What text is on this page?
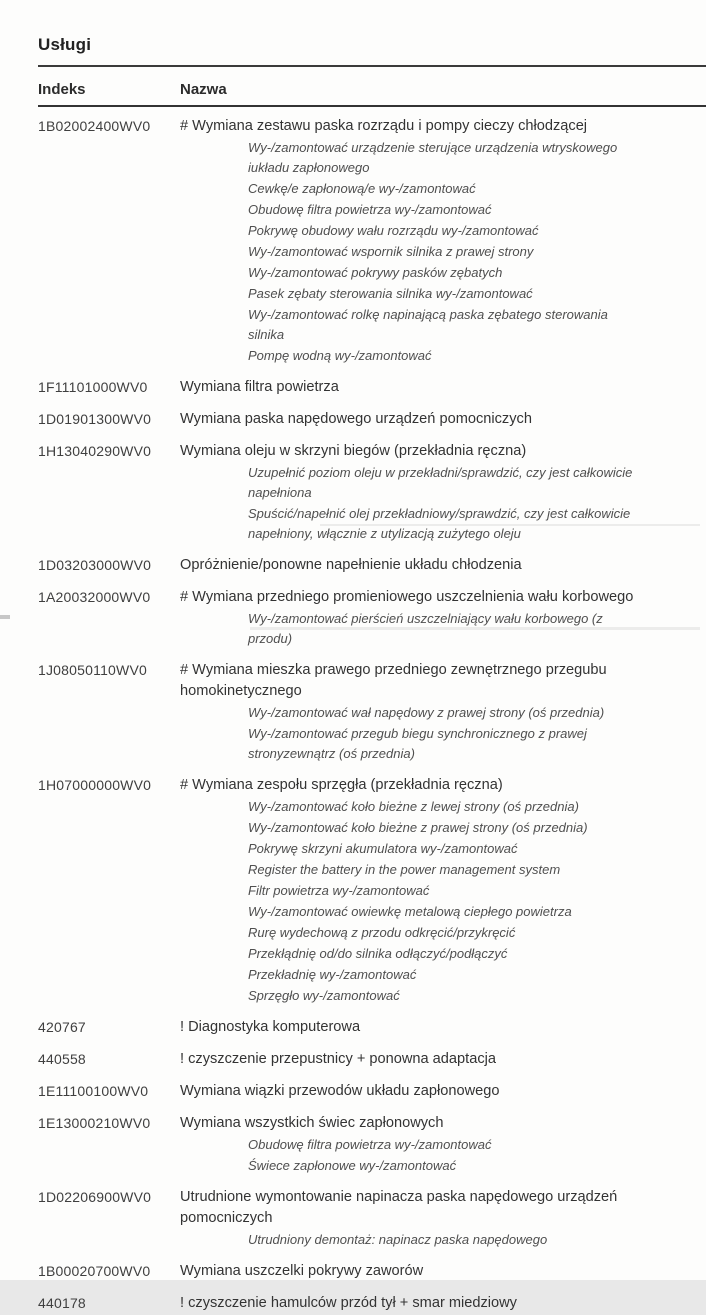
Usługi
Indeks	Nazwa
1B02002400WV0	# Wymiana zestawu paska rozrządu i pompy cieczy chłodzącej
Wy-/zamontować urządzenie sterujące urządzenia wtryskowego iukładu zapłonowego
Cewkę/e zapłonową/e wy-/zamontować
Obudowę filtra powietrza wy-/zamontować
Pokrywę obudowy wału rozrządu wy-/zamontować
Wy-/zamontować wspornik silnika z prawej strony
Wy-/zamontować pokrywy pasków zębatych
Pasek zębaty sterowania silnika wy-/zamontować
Wy-/zamontować rolkę napinającą paska zębatego sterowania silnika
Pompę wodną wy-/zamontować
1F11101000WV0	Wymiana filtra powietrza
1D01901300WV0	Wymiana paska napędowego urządzeń pomocniczych
1H13040290WV0	Wymiana oleju w skrzyni biegów (przekładnia ręczna)
Uzupełnić poziom oleju w przekładni/sprawdzić, czy jest całkowicie napełniona
Spuścić/napełnić olej przekładniowy/sprawdzić, czy jest całkowicie napełniony, włącznie z utylizacją zużytego oleju
1D03203000WV0	Opróżnienie/ponowne napełnienie układu chłodzenia
1A20032000WV0	# Wymiana przedniego promieniowego uszczelnienia wału korbowego
Wy-/zamontować pierścień uszczelniający wału korbowego (z przodu)
1J08050110WV0	# Wymiana mieszka prawego przedniego zewnętrznego przegubu homokinetycznego
Wy-/zamontować wał napędowy z prawej strony (oś przednia)
Wy-/zamontować przegub biegu synchronicznego z prawej stronyzewnątrz (oś przednia)
1H07000000WV0	# Wymiana zespołu sprzęgła (przekładnia ręczna)
Wy-/zamontować koło bieżne z lewej strony (oś przednia)
Wy-/zamontować koło bieżne z prawej strony (oś przednia)
Pokrywę skrzyni akumulatora wy-/zamontować
Register the battery in the power management system
Filtr powietrza wy-/zamontować
Wy-/zamontować owiewkę metalową ciepłego powietrza
Rurę wydechową z przodu odkręcić/przykręcić
Przekłądnię od/do silnika odłączyć/podłączyć
Przekładnię wy-/zamontować
Sprzęgło wy-/zamontować
420767	! Diagnostyka komputerowa
440558	! czyszczenie przepustnicy + ponowna adaptacja
1E11100100WV0	Wymiana wiązki przewodów układu zapłonowego
1E13000210WV0	Wymiana wszystkich świec zapłonowych
Obudowę filtra powietrza wy-/zamontować
Świece zapłonowe wy-/zamontować
1D02206900WV0	Utrudnione wymontowanie napinacza paska napędowego urządzeń pomocniczych
Utrudniony demontaż: napinacz paska napędowego
1B00020700WV0	Wymiana uszczelki pokrywy zaworów
440178	! czyszczenie hamulców przód tył + smar miedziowy
